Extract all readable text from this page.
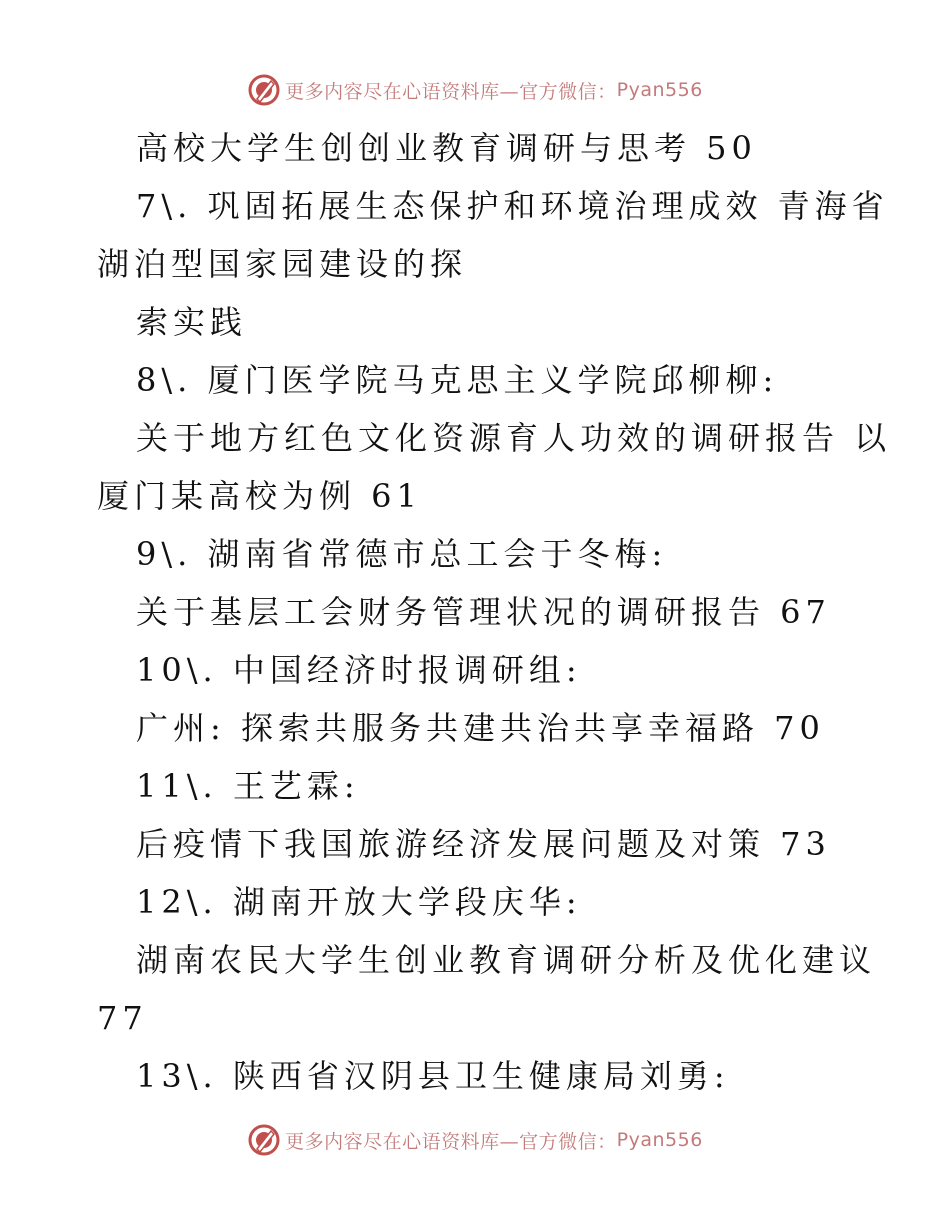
更多内容尽在心语资料库—官方微信： Pyan556
高校大学生创创业教育调研与思考 50
7\. 巩固拓展生态保护和环境治理成效 青海省
湖泊型国家园建设的探
索实践
8\. 厦门医学院马克思主义学院邱柳柳:
关于地方红色文化资源育人功效的调研报告 以
厦门某高校为例 61
9\. 湖南省常德市总工会于冬梅:
关于基层工会财务管理状况的调研报告 67
10\. 中国经济时报调研组:
广州: 探索共服务共建共治共享幸福路 70
11\. 王艺霖:
后疫情下我国旅游经济发展问题及对策 73
12\. 湖南开放大学段庆华:
湖南农民大学生创业教育调研分析及优化建议
77
13\. 陕西省汉阴县卫生健康局刘勇:
更多内容尽在心语资料库—官方微信： Pyan556
